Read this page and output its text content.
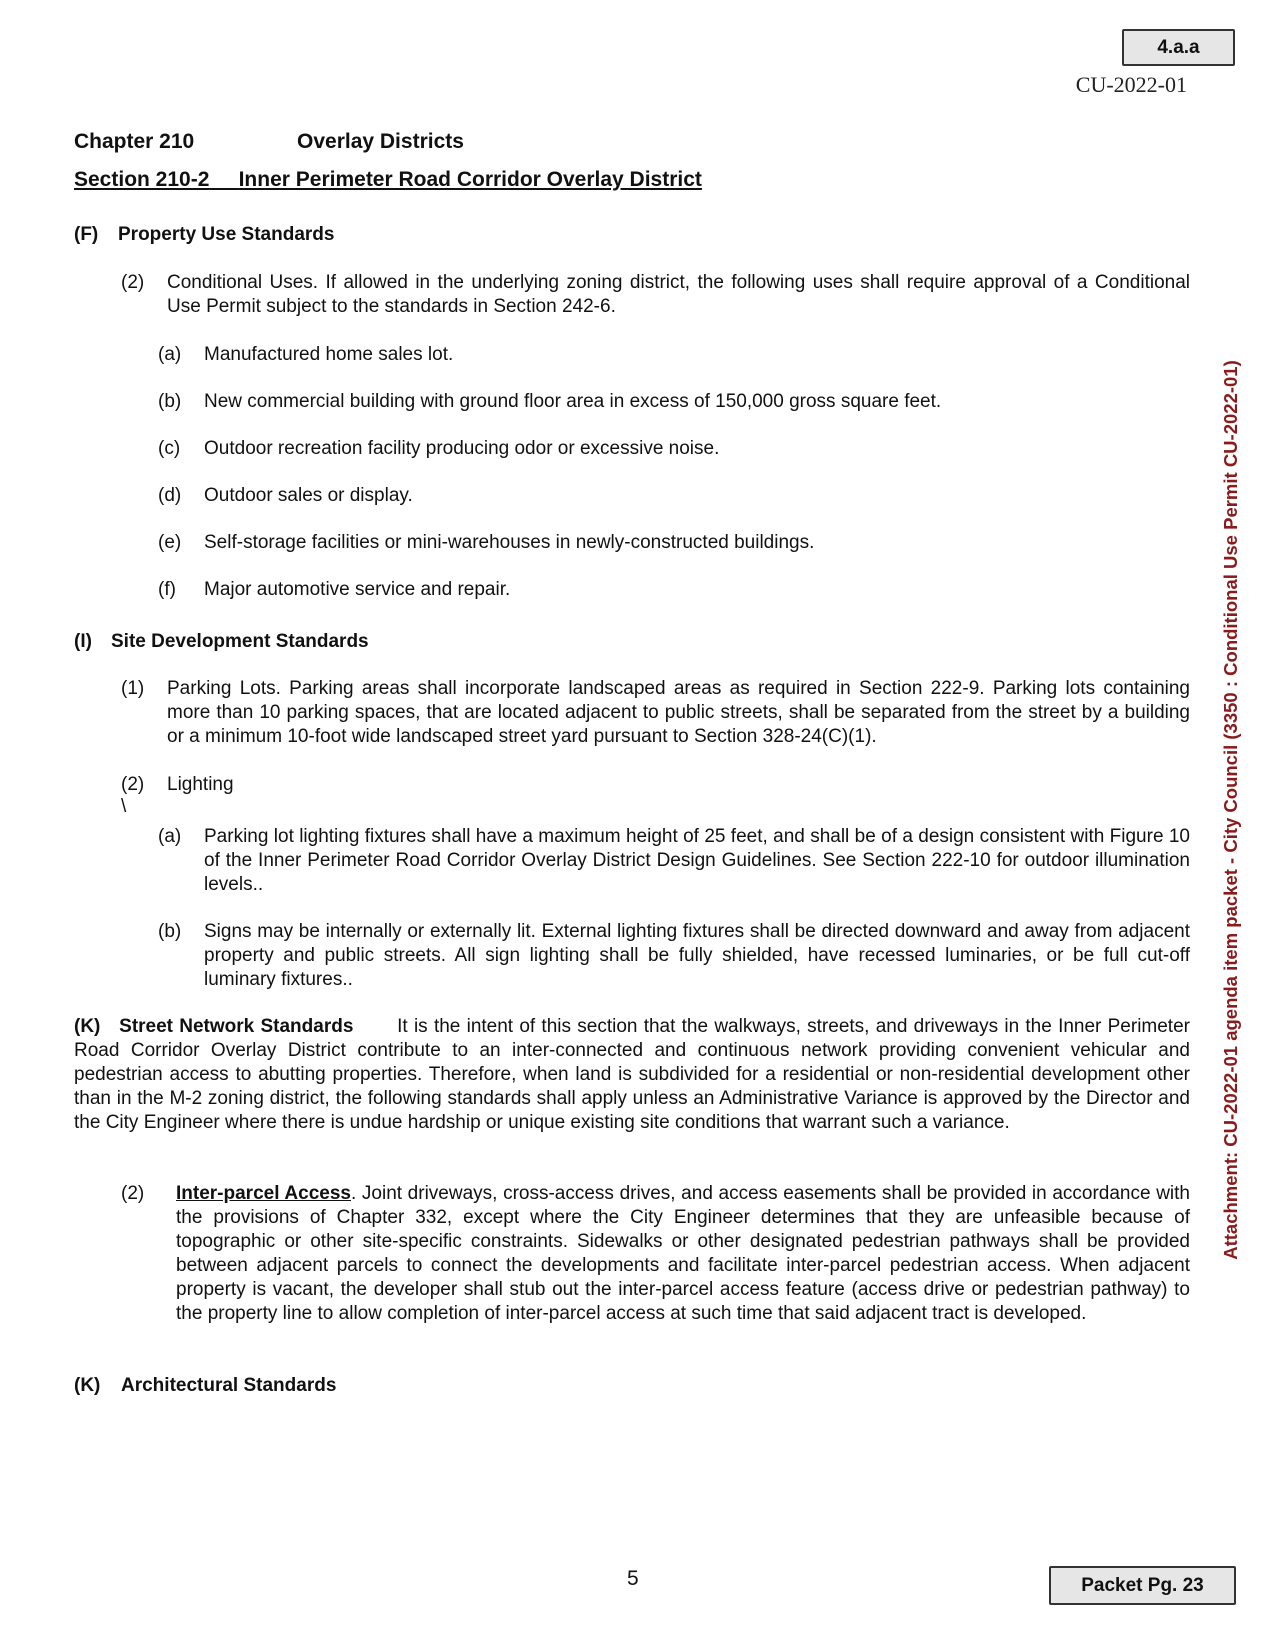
4.a.a
CU-2022-01
Chapter 210	Overlay Districts
Section 210-2 Inner Perimeter Road Corridor Overlay District
(F) Property Use Standards
(2) Conditional Uses. If allowed in the underlying zoning district, the following uses shall require approval of a Conditional Use Permit subject to the standards in Section 242-6.
(a) Manufactured home sales lot.
(b) New commercial building with ground floor area in excess of 150,000 gross square feet.
(c) Outdoor recreation facility producing odor or excessive noise.
(d) Outdoor sales or display.
(e) Self-storage facilities or mini-warehouses in newly-constructed buildings.
(f) Major automotive service and repair.
(I) Site Development Standards
(1) Parking Lots. Parking areas shall incorporate landscaped areas as required in Section 222-9. Parking lots containing more than 10 parking spaces, that are located adjacent to public streets, shall be separated from the street by a building or a minimum 10-foot wide landscaped street yard pursuant to Section 328-24(C)(1).
(2) Lighting
\
(a) Parking lot lighting fixtures shall have a maximum height of 25 feet, and shall be of a design consistent with Figure 10 of the Inner Perimeter Road Corridor Overlay District Design Guidelines. See Section 222-10 for outdoor illumination levels..
(b) Signs may be internally or externally lit. External lighting fixtures shall be directed downward and away from adjacent property and public streets. All sign lighting shall be fully shielded, have recessed luminaries, or be full cut-off luminary fixtures..
(K) Street Network Standards It is the intent of this section that the walkways, streets, and driveways in the Inner Perimeter Road Corridor Overlay District contribute to an inter-connected and continuous network providing convenient vehicular and pedestrian access to abutting properties. Therefore, when land is subdivided for a residential or non-residential development other than in the M-2 zoning district, the following standards shall apply unless an Administrative Variance is approved by the Director and the City Engineer where there is undue hardship or unique existing site conditions that warrant such a variance.
(2) Inter-parcel Access. Joint driveways, cross-access drives, and access easements shall be provided in accordance with the provisions of Chapter 332, except where the City Engineer determines that they are unfeasible because of topographic or other site-specific constraints. Sidewalks or other designated pedestrian pathways shall be provided between adjacent parcels to connect the developments and facilitate inter-parcel pedestrian access. When adjacent property is vacant, the developer shall stub out the inter-parcel access feature (access drive or pedestrian pathway) to the property line to allow completion of inter-parcel access at such time that said adjacent tract is developed.
(K) Architectural Standards
5	Packet Pg. 23
Attachment: CU-2022-01 agenda item packet - City Council (3350 : Conditional Use Permit CU-2022-01)
